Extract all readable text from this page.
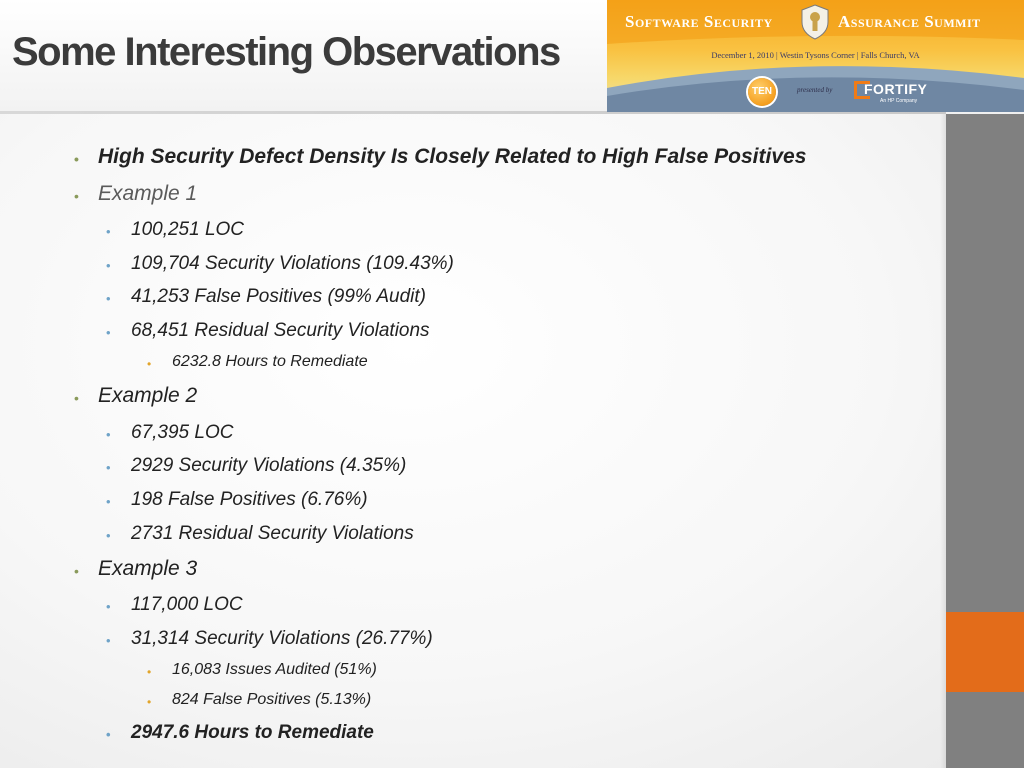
Some Interesting Observations
Software Security	Assurance Summit
December 1, 2010 | Westin Tysons Corner | Falls Church, VA
TEN	presented by FORTIFY
An HP Company
• High Security Defect Density Is Closely Related to High False Positives
• Example 1
• 100,251 LOC
• 109,704 Security Violations (109.43%)
• 41,253 False Positives (99% Audit)
• 68,451 Residual Security Violations
• 6232.8 Hours to Remediate
• Example 2
• 67,395 LOC
• 2929 Security Violations (4.35%)
• 198 False Positives (6.76%)
• 2731 Residual Security Violations
• Example 3
• 117,000 LOC
• 31,314 Security Violations (26.77%)
• 16,083 Issues Audited (51%)
• 824 False Positives (5.13%)
• 2947.6 Hours to Remediate
